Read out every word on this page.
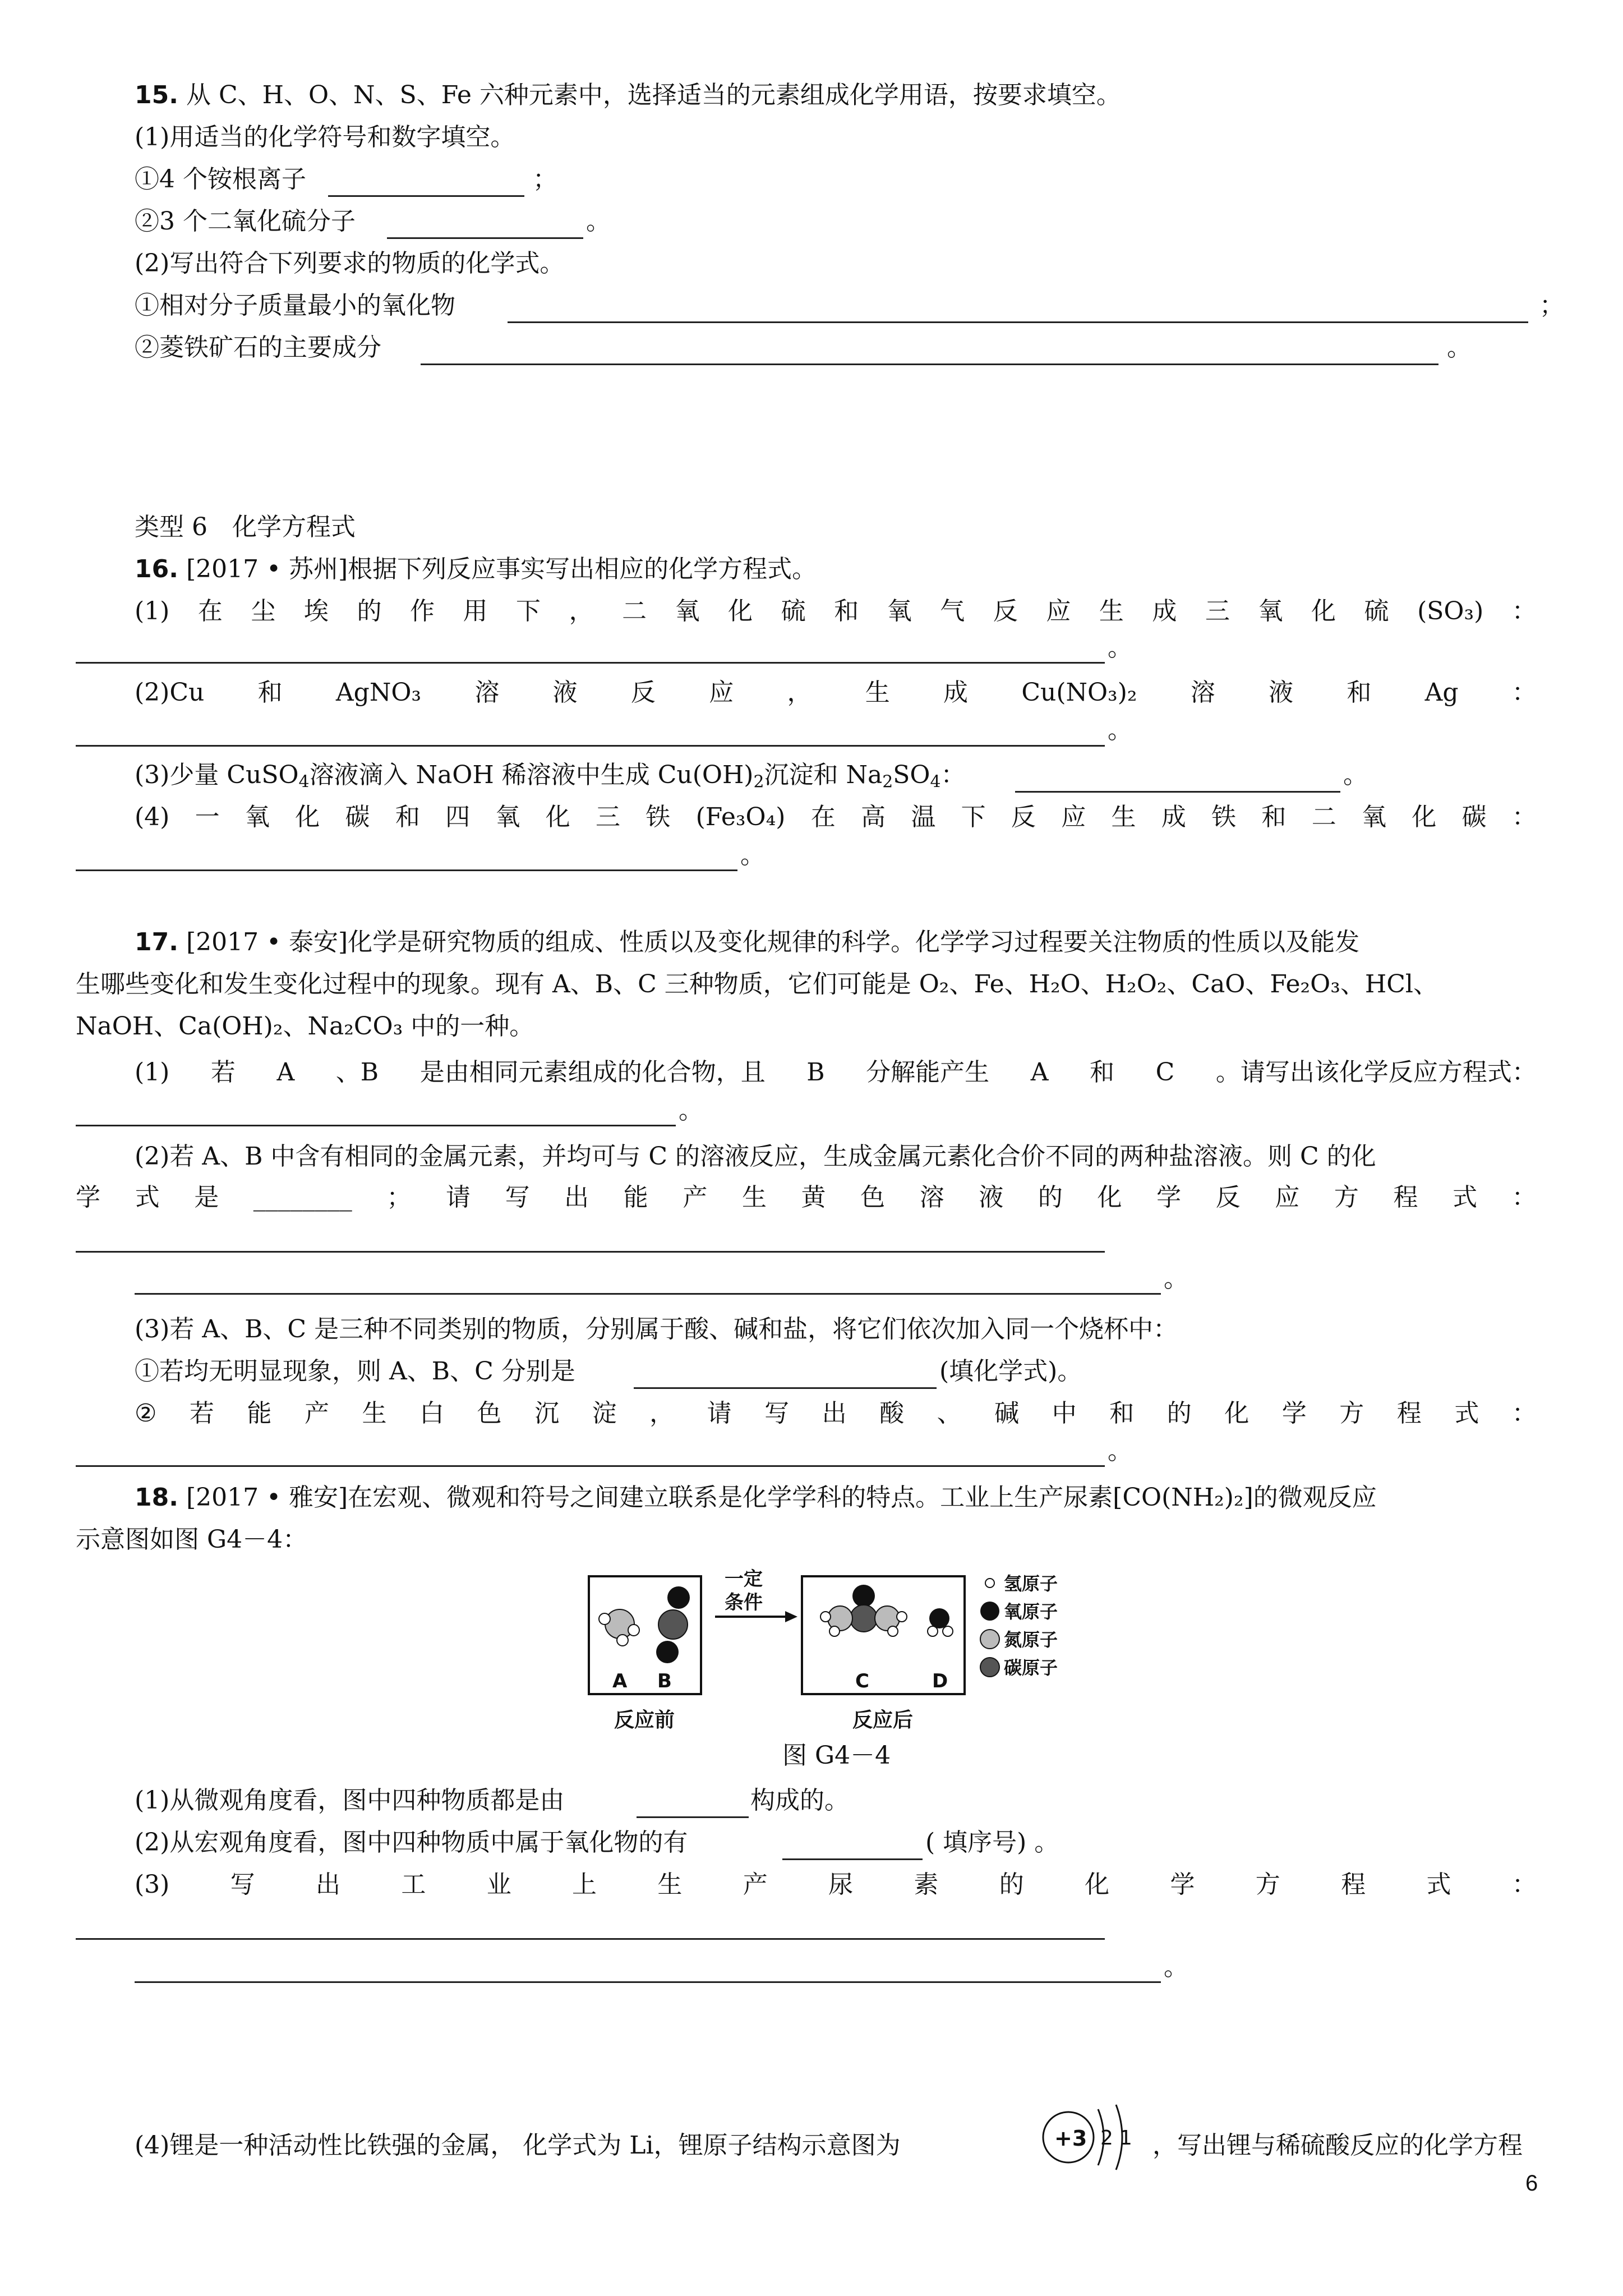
15. 从 C、H、O、N、S、Fe 六种元素中，选择适当的元素组成化学用语，按要求填空。
(1)用适当的化学符号和数字填空。
①4 个铵根离子	；
②3 个二氧化硫分子	。
(2)写出符合下列要求的物质的化学式。
①相对分子质量最小的氧化物	；
②菱铁矿石的主要成分	。
类型 6　化学方程式
16. [2017 • 苏州]根据下列反应事实写出相应的化学方程式。
(1) 在 尘 埃 的 作 用 下 ， 二 氧 化 硫 和 氧 气 反 应 生 成 三 氧 化 硫 (SO₃) ：
。
(2)Cu 和 AgNO₃ 溶 液 反 应 ， 生 成 Cu(NO₃)₂ 溶 液 和 Ag ：
。
(3)少量 CuSO$_4$溶液滴入 NaOH 稀溶液中生成 $Cu(OH)_2$沉淀和 $Na_2SO_4$：	。
(4) 一 氧 化 碳 和 四 氧 化 三 铁 (Fe₃O₄) 在 高 温 下 反 应 生 成 铁 和 二 氧 化 碳 ：
。
17. [2017 • 泰安]化学是研究物质的组成、性质以及变化规律的科学。化学学习过程要关注物质的性质以及能发
生哪些变化和发生变化过程中的现象。现有 A、B、C 三种物质，它们可能是 O₂、Fe、H₂O、H₂O₂、CaO、Fe₂O₃、HCl、
NaOH、Ca(OH)₂、Na₂CO₃ 中的一种。
(1) 若 A 、B 是由相同元素组成的化合物，且 B 分解能产生 A 和 C 。请写出该化学反应方程式：
。
(2)若 A、B 中含有相同的金属元素，并均可与 C 的溶液反应，生成金属元素化合价不同的两种盐溶液。则 C 的化
学 式 是 ________ ； 请 写 出 能 产 生 黄 色 溶 液 的 化 学 反 应 方 程 式 ：
。
(3)若 A、B、C 是三种不同类别的物质，分别属于酸、碱和盐，将它们依次加入同一个烧杯中：
①若均无明显现象，则 A、B、C 分别是	(填化学式)。
② 若 能 产 生 白 色 沉 淀 ， 请 写 出 酸 、 碱 中 和 的 化 学 方 程 式 ：
。
18. [2017 • 雅安]在宏观、微观和符号之间建立联系是化学学科的特点。工业上生产尿素[CO(NH₂)₂]的微观反应
示意图如图 G4－4：
A B
一定
条件
C	D
反应前	反应后
氢原子
氧原子
氮原子
碳原子
图 G4－4
(1)从微观角度看，图中四种物质都是由	构成的。
(2)从宏观角度看，图中四种物质中属于氧化物的有	( 填序号) 。
(3) 写 出 工 业 上 生 产 尿 素 的 化 学 方 程 式 ：
。
(4)锂是一种活动性比铁强的金属， 化学式为 Li，锂原子结构示意图为	+3 2 1 ，写出锂与稀硫酸反应的化学方程
6
